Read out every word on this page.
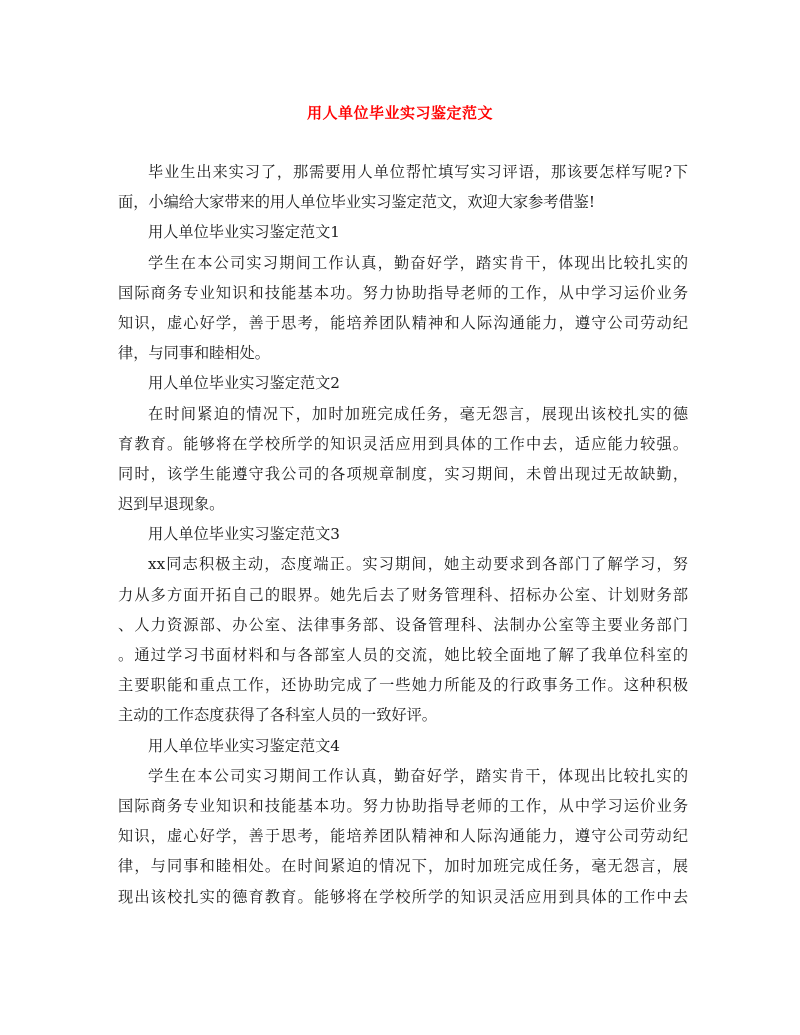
用人单位毕业实习鉴定范文
毕业生出来实习了，那需要用人单位帮忙填写实习评语，那该要怎样写呢?下
面，小编给大家带来的用人单位毕业实习鉴定范文，欢迎大家参考借鉴!
用人单位毕业实习鉴定范文1
学生在本公司实习期间工作认真，勤奋好学，踏实肯干，体现出比较扎实的
国际商务专业知识和技能基本功。努力协助指导老师的工作，从中学习运价业务
知识，虚心好学，善于思考，能培养团队精神和人际沟通能力，遵守公司劳动纪
律，与同事和睦相处。
用人单位毕业实习鉴定范文2
在时间紧迫的情况下，加时加班完成任务，毫无怨言，展现出该校扎实的德
育教育。能够将在学校所学的知识灵活应用到具体的工作中去，适应能力较强。
同时，该学生能遵守我公司的各项规章制度，实习期间，未曾出现过无故缺勤，
迟到早退现象。
用人单位毕业实习鉴定范文3
xx同志积极主动，态度端正。实习期间，她主动要求到各部门了解学习，努
力从多方面开拓自己的眼界。她先后去了财务管理科、招标办公室、计划财务部
、人力资源部、办公室、法律事务部、设备管理科、法制办公室等主要业务部门
。通过学习书面材料和与各部室人员的交流，她比较全面地了解了我单位科室的
主要职能和重点工作，还协助完成了一些她力所能及的行政事务工作。这种积极
主动的工作态度获得了各科室人员的一致好评。
用人单位毕业实习鉴定范文4
学生在本公司实习期间工作认真，勤奋好学，踏实肯干，体现出比较扎实的
国际商务专业知识和技能基本功。努力协助指导老师的工作，从中学习运价业务
知识，虚心好学，善于思考，能培养团队精神和人际沟通能力，遵守公司劳动纪
律，与同事和睦相处。在时间紧迫的情况下，加时加班完成任务，毫无怨言，展
现出该校扎实的德育教育。能够将在学校所学的知识灵活应用到具体的工作中去
